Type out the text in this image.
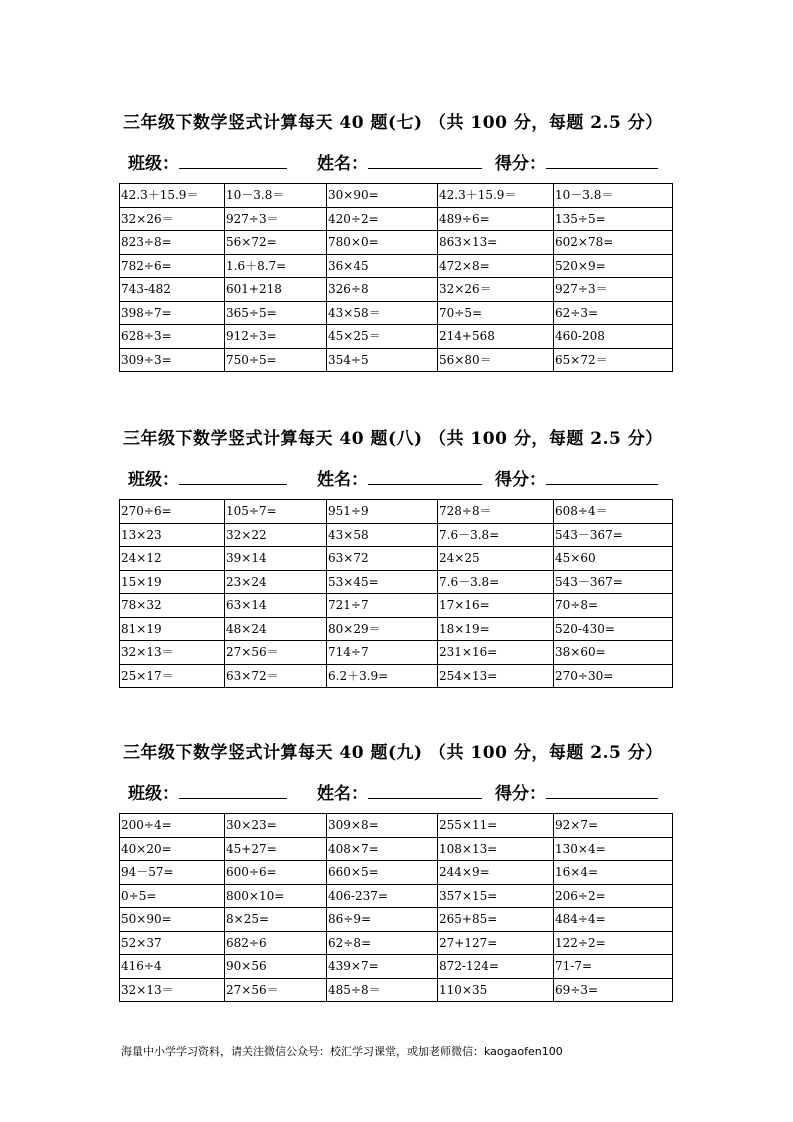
三年级下数学竖式计算每天 40 题(七) （共 100 分，每题 2.5 分）
班级：	姓名：	得分：
42.3＋15.9＝	10－3.8＝	30×90=	42.3＋15.9＝	10－3.8＝
32×26＝	927÷3＝	420÷2=	489÷6=	135÷5=
823÷8=	56×72=	780×0=	863×13=	602×78=
782÷6=	1.6＋8.7=	36×45	472×8=	520×9=
743-482	601+218	326÷8	32×26＝	927÷3＝
398÷7=	365÷5=	43×58＝	70÷5=	62÷3=
628÷3=	912÷3=	45×25＝	214+568	460-208
309÷3=	750÷5=	354÷5	56×80＝	65×72＝
三年级下数学竖式计算每天 40 题(八) （共 100 分，每题 2.5 分）
班级：	姓名：	得分：
270÷6=	105÷7=	951÷9	728÷8＝	608÷4＝
13×23	32×22	43×58	7.6－3.8=	543－367=
24×12	39×14	63×72	24×25	45×60
15×19	23×24	53×45=	7.6－3.8=	543－367=
78×32	63×14	721÷7	17×16=	70÷8=
81×19	48×24	80×29＝	18×19=	520-430=
32×13＝	27×56＝	714÷7	231×16=	38×60=
25×17＝	63×72＝	6.2＋3.9=	254×13=	270÷30=
三年级下数学竖式计算每天 40 题(九) （共 100 分，每题 2.5 分）
班级：	姓名：	得分：
200÷4=	30×23=	309×8=	255×11=	92×7=
40×20=	45+27=	408×7=	108×13=	130×4=
94－57=	600÷6=	660×5=	244×9=	16×4=
0÷5=	800×10=	406-237=	357×15=	206÷2=
50×90=	8×25=	86÷9=	265+85=	484÷4=
52×37	682÷6	62÷8=	27+127=	122÷2=
416÷4	90×56	439×7=	872-124=	71-7=
32×13＝	27×56＝	485÷8＝	110×35	69÷3=
海量中小学学习资料，请关注微信公众号：校汇学习课堂，或加老师微信：kaogaofen100
